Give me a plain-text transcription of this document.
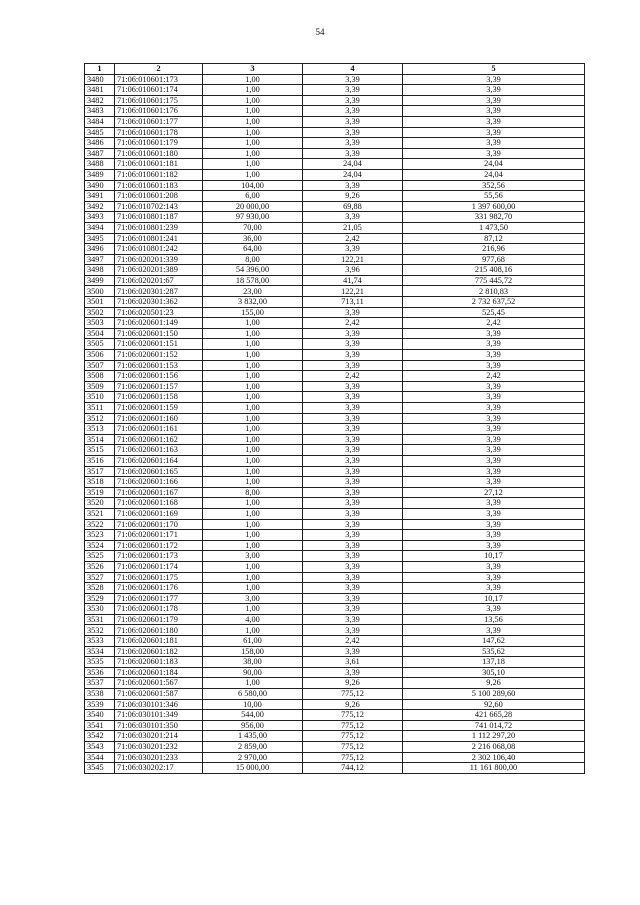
54
1	2	3	4	5
3480	71:06:010601:173	1,00	3,39	3,39
3481	71:06:010601:174	1,00	3,39	3,39
3482	71:06:010601:175	1,00	3,39	3,39
3483	71:06:010601:176	1,00	3,39	3,39
3484	71:06:010601:177	1,00	3,39	3,39
3485	71:06:010601:178	1,00	3,39	3,39
3486	71:06:010601:179	1,00	3,39	3,39
3487	71:06:010601:180	1,00	3,39	3,39
3488	71:06:010601:181	1,00	24,04	24,04
3489	71:06:010601:182	1,00	24,04	24,04
3490	71:06:010601:183	104,00	3,39	352,56
3491	71:06:010601:208	6,00	9,26	55,56
3492	71:06:010702:143	20 000,00	69,88	1 397 600,00
3493	71:06:010801:187	97 930,00	3,39	331 982,70
3494	71:06:010801:239	70,00	21,05	1 473,50
3495	71:06:010801:241	36,00	2,42	87,12
3496	71:06:010801:242	64,00	3,39	216,96
3497	71:06:020201:339	8,00	122,21	977,68
3498	71:06:020201:389	54 396,00	3,96	215 408,16
3499	71:06:020201:67	18 578,00	41,74	775 445,72
3500	71:06:020301:287	23,00	122,21	2 810,83
3501	71:06:020301:362	3 832,00	713,11	2 732 637,52
3502	71:06:020501:23	155,00	3,39	525,45
3503	71:06:020601:149	1,00	2,42	2,42
3504	71:06:020601:150	1,00	3,39	3,39
3505	71:06:020601:151	1,00	3,39	3,39
3506	71:06:020601:152	1,00	3,39	3,39
3507	71:06:020601:153	1,00	3,39	3,39
3508	71:06:020601:156	1,00	2,42	2,42
3509	71:06:020601:157	1,00	3,39	3,39
3510	71:06:020601:158	1,00	3,39	3,39
3511	71:06:020601:159	1,00	3,39	3,39
3512	71:06:020601:160	1,00	3,39	3,39
3513	71:06:020601:161	1,00	3,39	3,39
3514	71:06:020601:162	1,00	3,39	3,39
3515	71:06:020601:163	1,00	3,39	3,39
3516	71:06:020601:164	1,00	3,39	3,39
3517	71:06:020601:165	1,00	3,39	3,39
3518	71:06:020601:166	1,00	3,39	3,39
3519	71:06:020601:167	8,00	3,39	27,12
3520	71:06:020601:168	1,00	3,39	3,39
3521	71:06:020601:169	1,00	3,39	3,39
3522	71:06:020601:170	1,00	3,39	3,39
3523	71:06:020601:171	1,00	3,39	3,39
3524	71:06:020601:172	1,00	3,39	3,39
3525	71:06:020601:173	3,00	3,39	10,17
3526	71:06:020601:174	1,00	3,39	3,39
3527	71:06:020601:175	1,00	3,39	3,39
3528	71:06:020601:176	1,00	3,39	3,39
3529	71:06:020601:177	3,00	3,39	10,17
3530	71:06:020601:178	1,00	3,39	3,39
3531	71:06:020601:179	4,00	3,39	13,56
3532	71:06:020601:180	1,00	3,39	3,39
3533	71:06:020601:181	61,00	2,42	147,62
3534	71:06:020601:182	158,00	3,39	535,62
3535	71:06:020601:183	38,00	3,61	137,18
3536	71:06:020601:184	90,00	3,39	305,10
3537	71:06:020601:567	1,00	9,26	9,26
3538	71:06:020601:587	6 580,00	775,12	5 100 289,60
3539	71:06:030101:346	10,00	9,26	92,60
3540	71:06:030101:349	544,00	775,12	421 665,28
3541	71:06:030101:350	956,00	775,12	741 014,72
3542	71:06:030201:214	1 435,00	775,12	1 112 297,20
3543	71:06:030201:232	2 859,00	775,12	2 216 068,08
3544	71:06:030201:233	2 970,00	775,12	2 302 106,40
3545	71:06:030202:17	15 000,00	744,12	11 161 800,00
